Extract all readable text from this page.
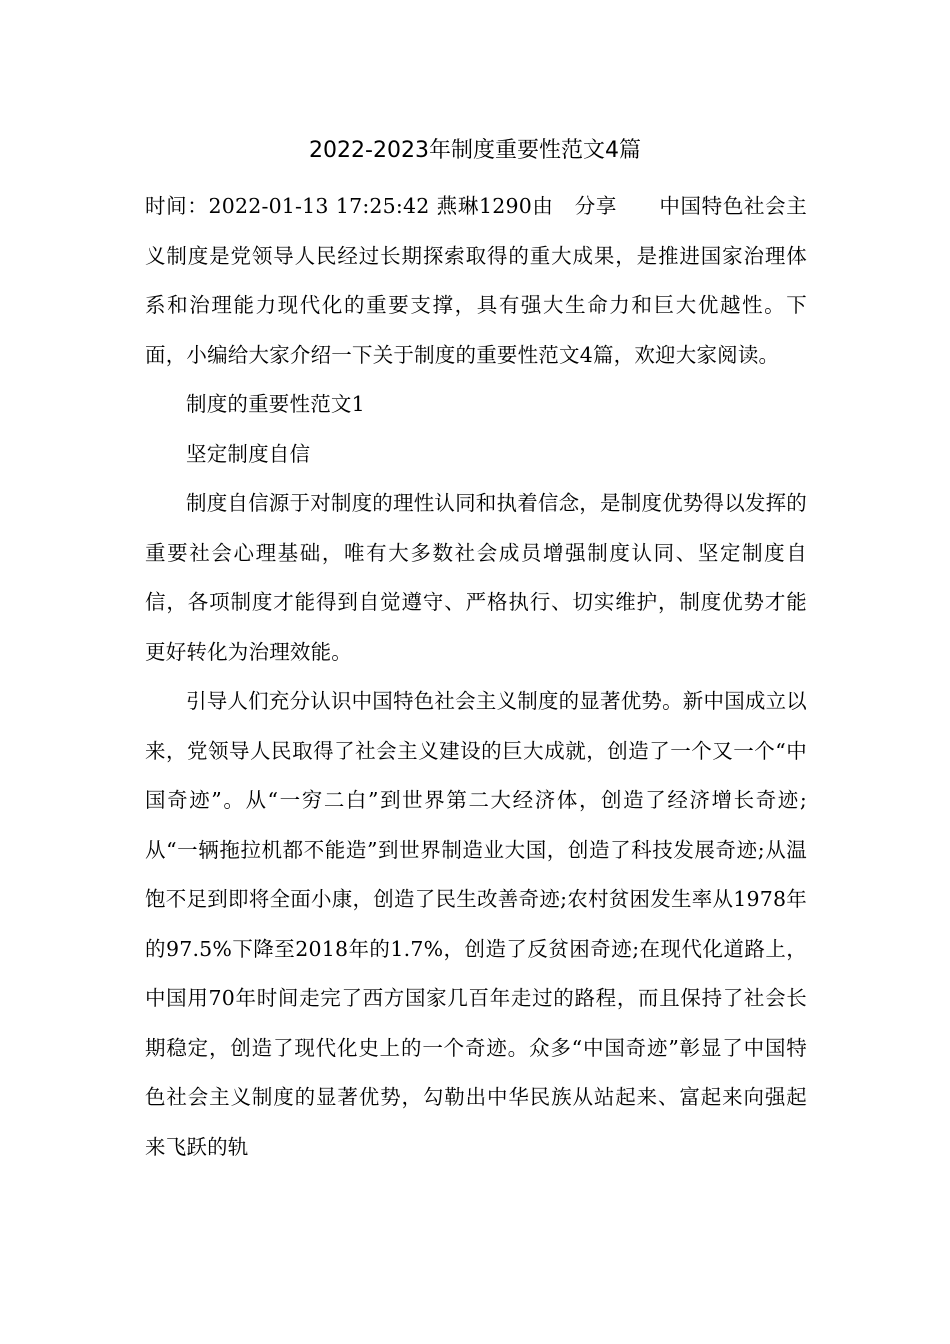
2022-2023年制度重要性范文4篇

时间：2022-01-13 17:25:42 燕琳1290由　分享　　中国特色社会主义制度是党领导人民经过长期探索取得的重大成果，是推进国家治理体系和治理能力现代化的重要支撑，具有强大生命力和巨大优越性。下面，小编给大家介绍一下关于制度的重要性范文4篇，欢迎大家阅读。

制度的重要性范文1

坚定制度自信

制度自信源于对制度的理性认同和执着信念，是制度优势得以发挥的重要社会心理基础，唯有大多数社会成员增强制度认同、坚定制度自信，各项制度才能得到自觉遵守、严格执行、切实维护，制度优势才能更好转化为治理效能。

引导人们充分认识中国特色社会主义制度的显著优势。新中国成立以来，党领导人民取得了社会主义建设的巨大成就，创造了一个又一个“中国奇迹”。从“一穷二白”到世界第二大经济体，创造了经济增长奇迹;从“一辆拖拉机都不能造”到世界制造业大国，创造了科技发展奇迹;从温饱不足到即将全面小康，创造了民生改善奇迹;农村贫困发生率从1978年的97.5%下降至2018年的1.7%，创造了反贫困奇迹;在现代化道路上，中国用70年时间走完了西方国家几百年走过的路程，而且保持了社会长期稳定，创造了现代化史上的一个奇迹。众多“中国奇迹”彰显了中国特色社会主义制度的显著优势，勾勒出中华民族从站起来、富起来向强起来飞跃的轨
